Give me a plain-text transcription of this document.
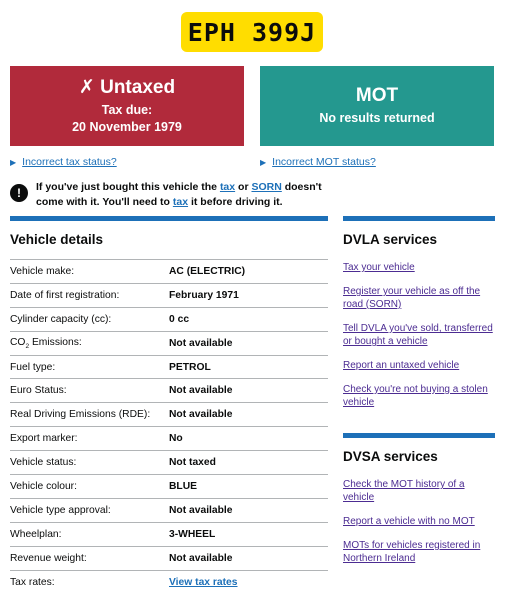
EPH 399J
✗ Untaxed
Tax due:
20 November 1979
MOT
No results returned
▶ Incorrect tax status?	▶ Incorrect MOT status?
!	If you've just bought this vehicle the tax or SORN doesn't come with it. You'll need to tax it before driving it.
Vehicle details
Vehicle make:	AC (ELECTRIC)
Date of first registration:	February 1971
Cylinder capacity (cc):	0 cc
$CO_2$ Emissions:	Not available
Fuel type:	PETROL
Euro Status:	Not available
Real Driving Emissions (RDE):	Not available
Export marker:	No
Vehicle status:	Not taxed
Vehicle colour:	BLUE
Vehicle type approval:	Not available
Wheelplan:	3-WHEEL
Revenue weight:	Not available
Tax rates:	View tax rates
DVLA services
Tax your vehicle
Register your vehicle as off the road (SORN)
Tell DVLA you've sold, transferred or bought a vehicle
Report an untaxed vehicle
Check you're not buying a stolen vehicle
DVSA services
Check the MOT history of a vehicle
Report a vehicle with no MOT
MOTs for vehicles registered in Northern Ireland
